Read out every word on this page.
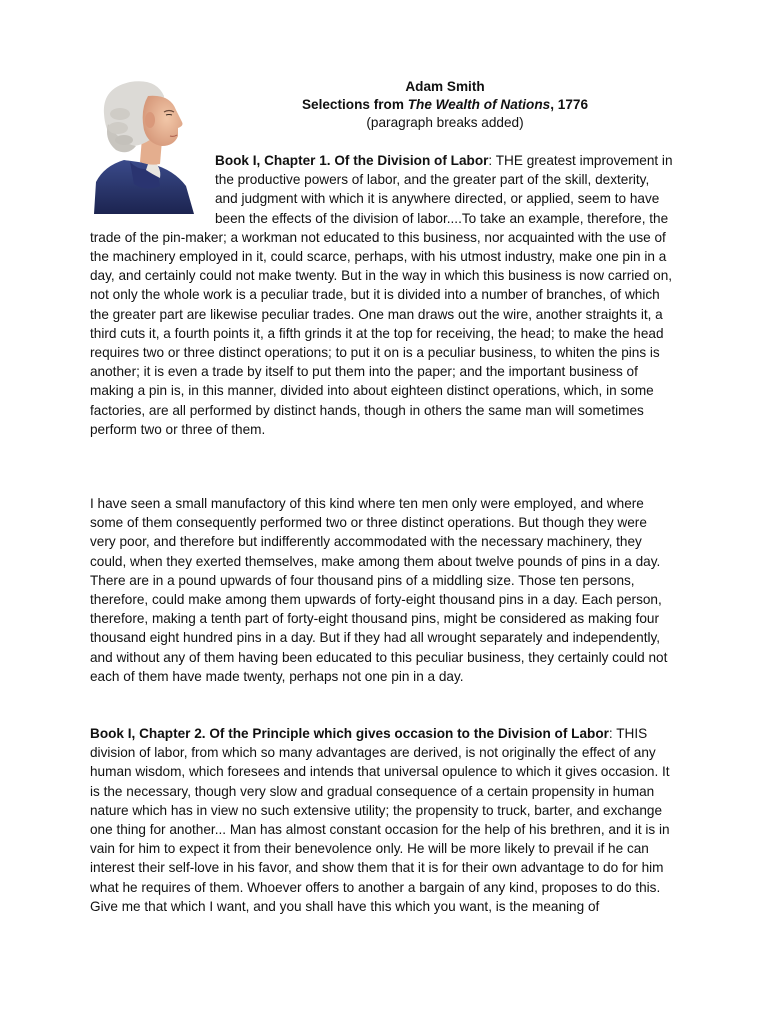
Adam Smith
Selections from The Wealth of Nations, 1776
(paragraph breaks added)

Book I, Chapter 1. Of the Division of Labor: THE greatest improvement in the productive powers of labor, and the greater part of the skill, dexterity, and judgment with which it is anywhere directed, or applied, seem to have been the effects of the division of labor....To take an example, therefore, the trade of the pin-maker; a workman not educated to this business, nor acquainted with the use of the machinery employed in it, could scarce, perhaps, with his utmost industry, make one pin in a day, and certainly could not make twenty. But in the way in which this business is now carried on, not only the whole work is a peculiar trade, but it is divided into a number of branches, of which the greater part are likewise peculiar trades. One man draws out the wire, another straights it, a third cuts it, a fourth points it, a fifth grinds it at the top for receiving, the head; to make the head requires two or three distinct operations; to put it on is a peculiar business, to whiten the pins is another; it is even a trade by itself to put them into the paper; and the important business of making a pin is, in this manner, divided into about eighteen distinct operations, which, in some factories, are all performed by distinct hands, though in others the same man will sometimes perform two or three of them.

I have seen a small manufactory of this kind where ten men only were employed, and where some of them consequently performed two or three distinct operations. But though they were very poor, and therefore but indifferently accommodated with the necessary machinery, they could, when they exerted themselves, make among them about twelve pounds of pins in a day. There are in a pound upwards of four thousand pins of a middling size. Those ten persons, therefore, could make among them upwards of forty-eight thousand pins in a day. Each person, therefore, making a tenth part of forty-eight thousand pins, might be considered as making four thousand eight hundred pins in a day. But if they had all wrought separately and independently, and without any of them having been educated to this peculiar business, they certainly could not each of them have made twenty, perhaps not one pin in a day.

Book I, Chapter 2. Of the Principle which gives occasion to the Division of Labor: THIS division of labor, from which so many advantages are derived, is not originally the effect of any human wisdom, which foresees and intends that universal opulence to which it gives occasion. It is the necessary, though very slow and gradual consequence of a certain propensity in human nature which has in view no such extensive utility; the propensity to truck, barter, and exchange one thing for another... Man has almost constant occasion for the help of his brethren, and it is in vain for him to expect it from their benevolence only. He will be more likely to prevail if he can interest their self-love in his favor, and show them that it is for their own advantage to do for him what he requires of them. Whoever offers to another a bargain of any kind, proposes to do this. Give me that which I want, and you shall have this which you want, is the meaning of
